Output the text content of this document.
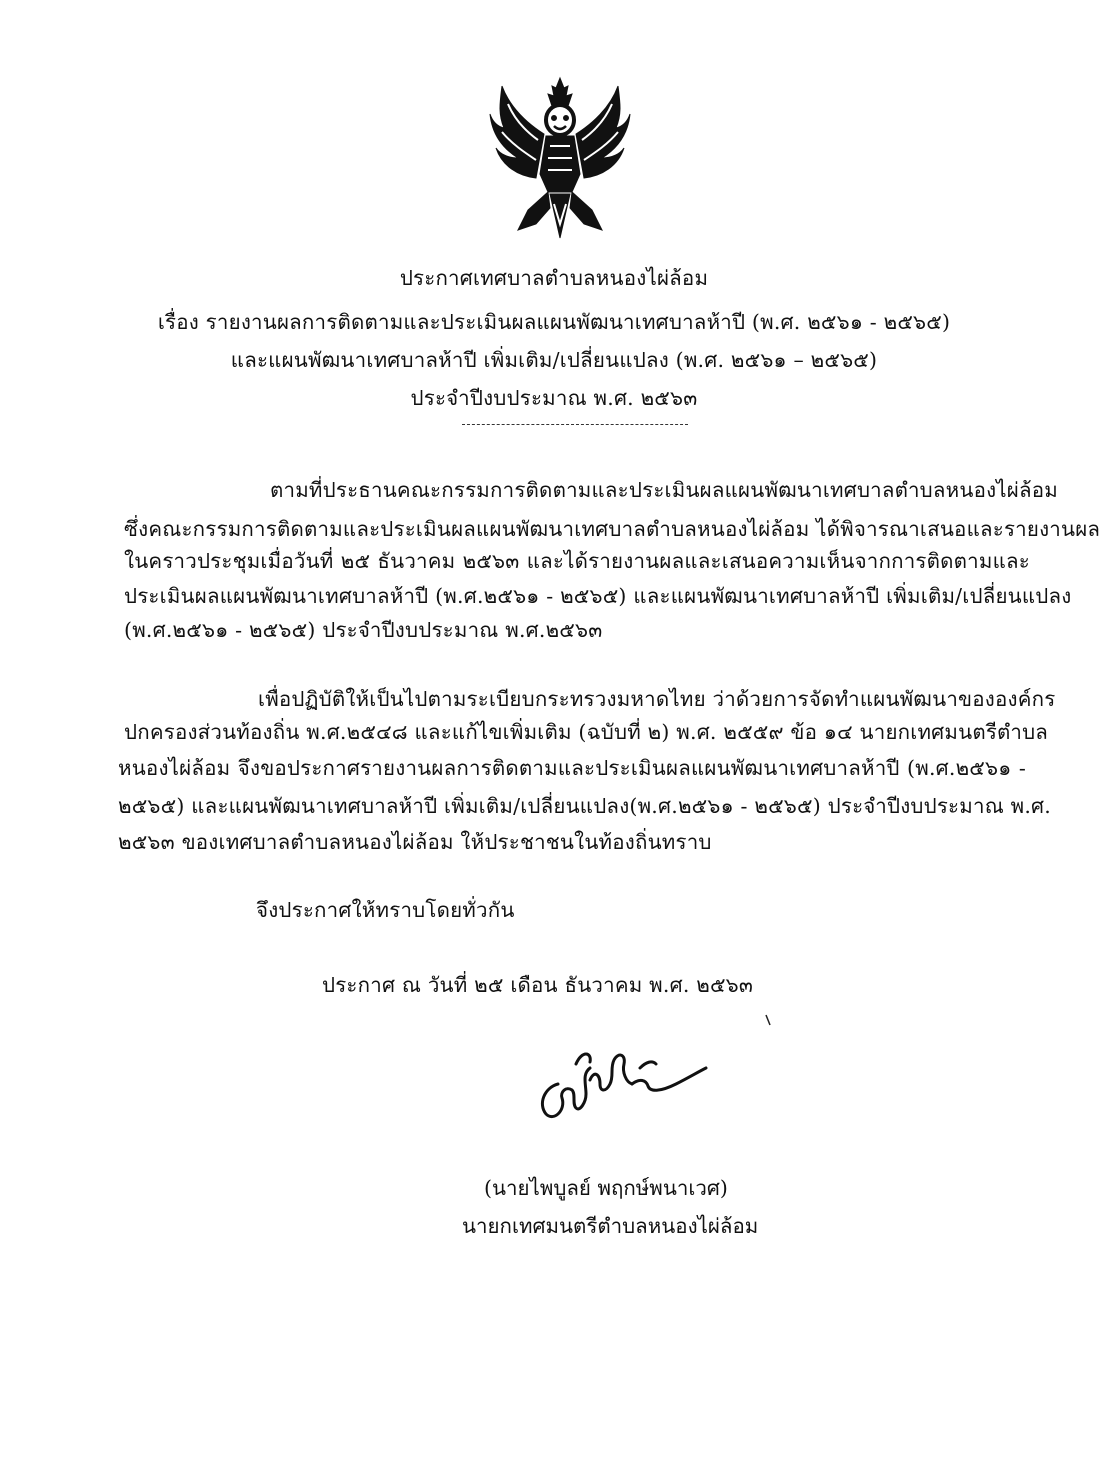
ประกาศเทศบาลตำบลหนองไผ่ล้อม
เรื่อง รายงานผลการติดตามและประเมินผลแผนพัฒนาเทศบาลห้าปี (พ.ศ. ๒๕๖๑ - ๒๕๖๕)
และแผนพัฒนาเทศบาลห้าปี เพิ่มเติม/เปลี่ยนแปลง (พ.ศ. ๒๕๖๑ – ๒๕๖๕)
ประจำปีงบประมาณ พ.ศ. ๒๕๖๓
ตามที่ประธานคณะกรรมการติดตามและประเมินผลแผนพัฒนาเทศบาลตำบลหนองไผ่ล้อม
ซึ่งคณะกรรมการติดตามและประเมินผลแผนพัฒนาเทศบาลตำบลหนองไผ่ล้อม ได้พิจารณาเสนอและรายงานผล
ในคราวประชุมเมื่อวันที่ ๒๕ ธันวาคม ๒๕๖๓ และได้รายงานผลและเสนอความเห็นจากการติดตามและ
ประเมินผลแผนพัฒนาเทศบาลห้าปี (พ.ศ.๒๕๖๑ - ๒๕๖๕) และแผนพัฒนาเทศบาลห้าปี เพิ่มเติม/เปลี่ยนแปลง
(พ.ศ.๒๕๖๑ - ๒๕๖๕) ประจำปีงบประมาณ พ.ศ.๒๕๖๓
เพื่อปฏิบัติให้เป็นไปตามระเบียบกระทรวงมหาดไทย ว่าด้วยการจัดทำแผนพัฒนาขององค์กร
ปกครองส่วนท้องถิ่น พ.ศ.๒๕๔๘ และแก้ไขเพิ่มเติม (ฉบับที่ ๒) พ.ศ. ๒๕๕๙ ข้อ ๑๔ นายกเทศมนตรีตำบล
หนองไผ่ล้อม จึงขอประกาศรายงานผลการติดตามและประเมินผลแผนพัฒนาเทศบาลห้าปี (พ.ศ.๒๕๖๑ -
๒๕๖๕) และแผนพัฒนาเทศบาลห้าปี เพิ่มเติม/เปลี่ยนแปลง(พ.ศ.๒๕๖๑ - ๒๕๖๕) ประจำปีงบประมาณ พ.ศ.
๒๕๖๓ ของเทศบาลตำบลหนองไผ่ล้อม ให้ประชาชนในท้องถิ่นทราบ
จึงประกาศให้ทราบโดยทั่วกัน
ประกาศ ณ วันที่ ๒๕ เดือน ธันวาคม พ.ศ. ๒๕๖๓
(นายไพบูลย์ พฤกษ์พนาเวศ)
นายกเทศมนตรีตำบลหนองไผ่ล้อม
